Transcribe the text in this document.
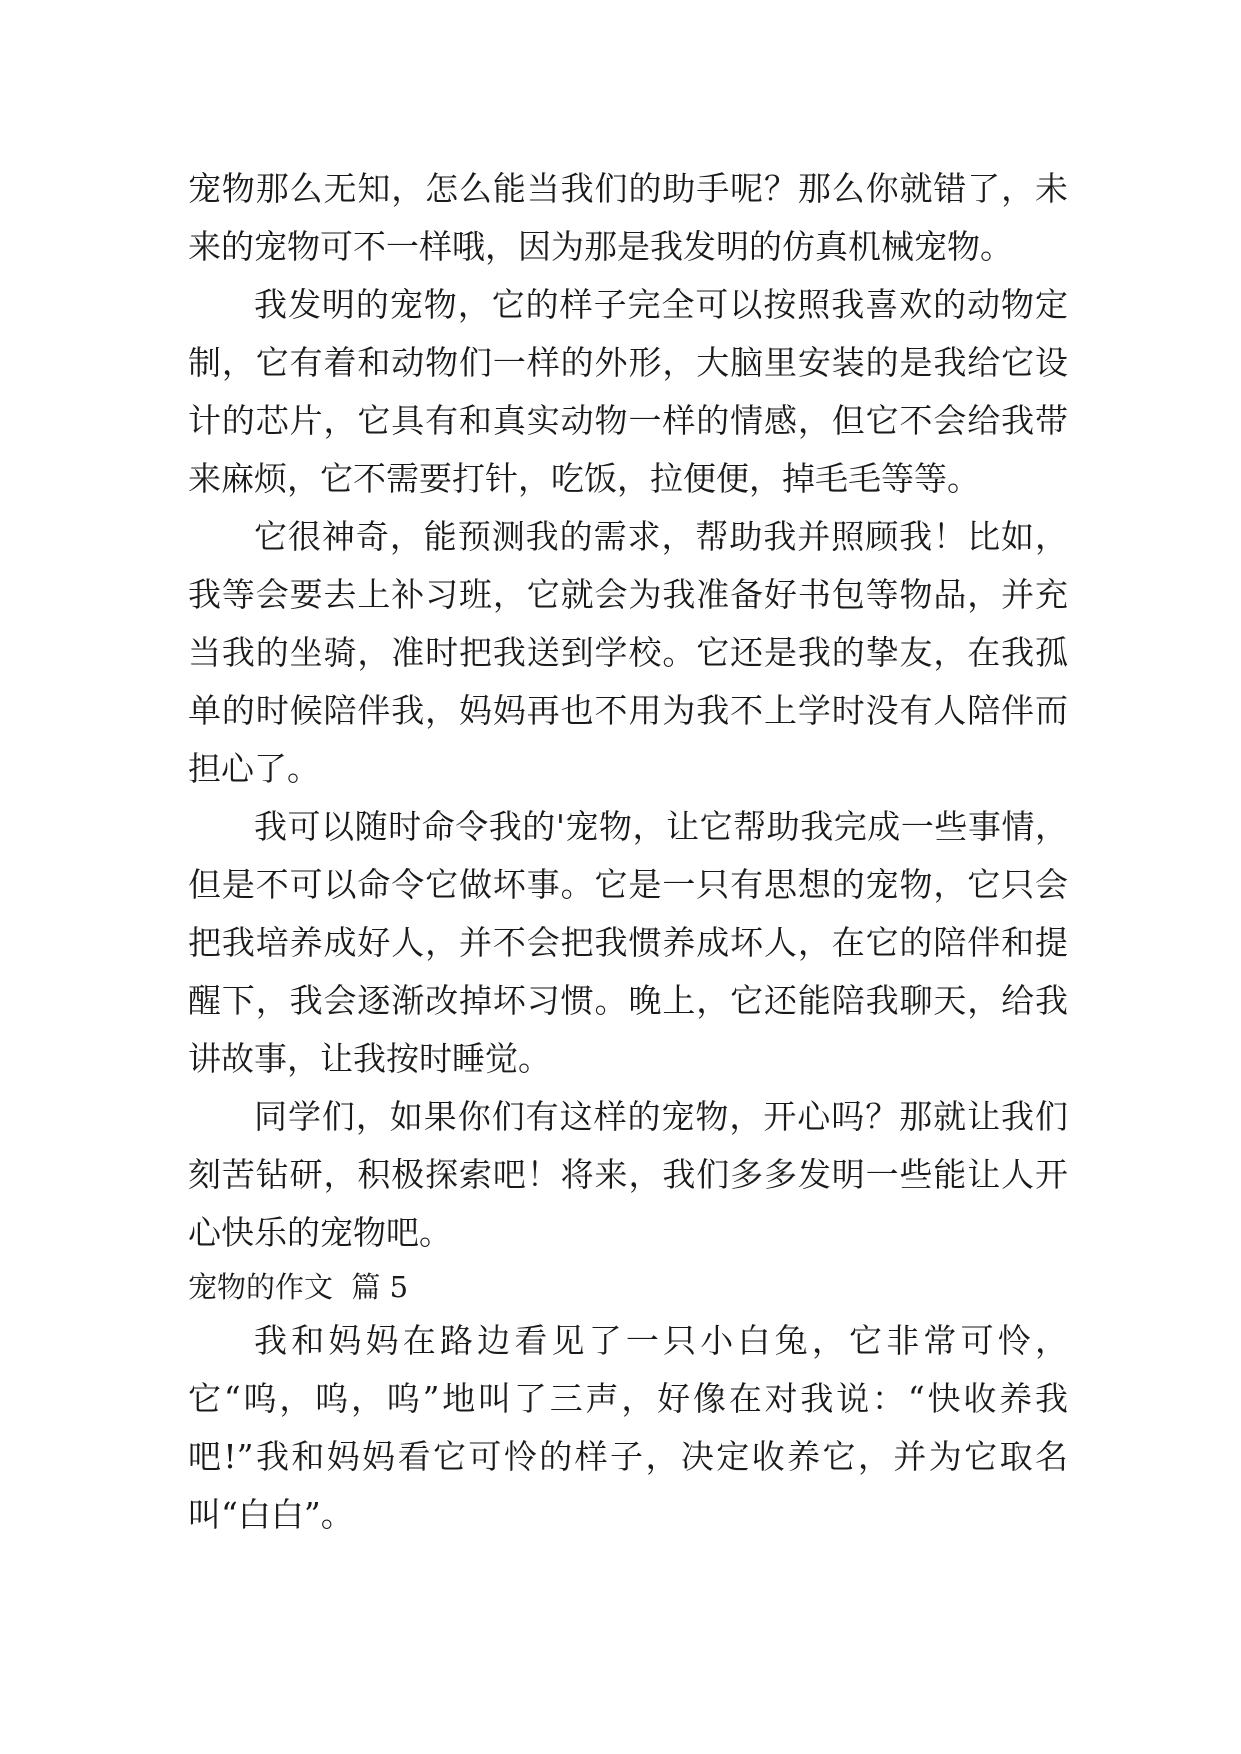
宠物那么无知，怎么能当我们的助手呢？那么你就错了，未来的宠物可不一样哦，因为那是我发明的仿真机械宠物。

我发明的宠物，它的样子完全可以按照我喜欢的动物定制，它有着和动物们一样的外形，大脑里安装的是我给它设计的芯片，它具有和真实动物一样的情感，但它不会给我带来麻烦，它不需要打针，吃饭，拉便便，掉毛毛等等。

它很神奇，能预测我的需求，帮助我并照顾我！比如，我等会要去上补习班，它就会为我准备好书包等物品，并充当我的坐骑，准时把我送到学校。它还是我的挚友，在我孤单的时候陪伴我，妈妈再也不用为我不上学时没有人陪伴而担心了。

我可以随时命令我的'宠物，让它帮助我完成一些事情，但是不可以命令它做坏事。它是一只有思想的宠物，它只会把我培养成好人，并不会把我惯养成坏人，在它的陪伴和提醒下，我会逐渐改掉坏习惯。晚上，它还能陪我聊天，给我讲故事，让我按时睡觉。

同学们，如果你们有这样的宠物，开心吗？那就让我们刻苦钻研，积极探索吧！将来，我们多多发明一些能让人开心快乐的宠物吧。

宠物的作文  篇 5

我和妈妈在路边看见了一只小白兔，它非常可怜，它“呜，呜，呜”地叫了三声，好像在对我说：“快收养我吧!”我和妈妈看它可怜的样子，决定收养它，并为它取名叫“白白”。
